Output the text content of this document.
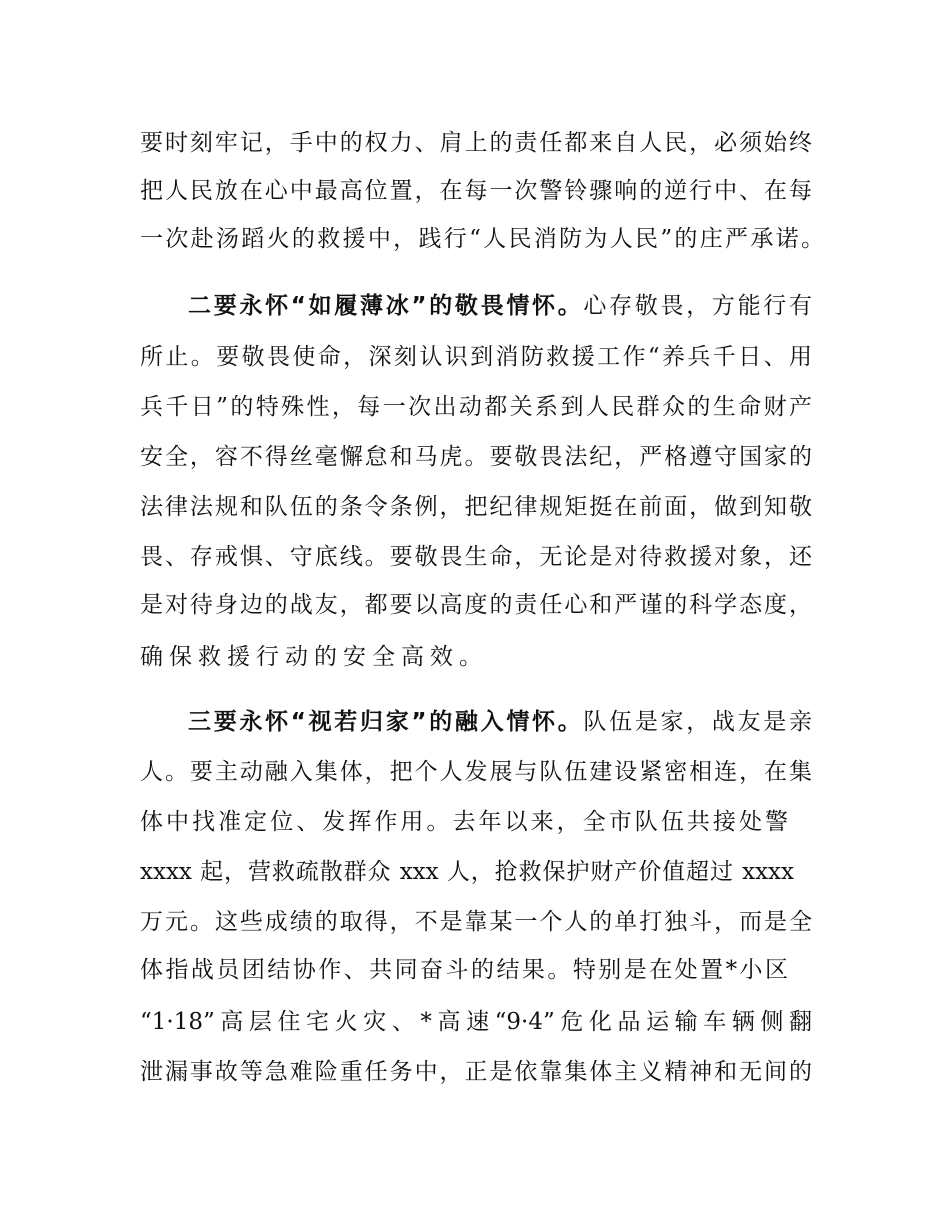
要时刻牢记，手中的权力、肩上的责任都来自人民，必须始终
把人民放在心中最高位置，在每一次警铃骤响的逆行中、在每
一次赴汤蹈火的救援中，践行“人民消防为人民”的庄严承诺。
二要永怀“如履薄冰”的敬畏情怀。心存敬畏，方能行有
所止。要敬畏使命，深刻认识到消防救援工作“养兵千日、用
兵千日”的特殊性，每一次出动都关系到人民群众的生命财产
安全，容不得丝毫懈怠和马虎。要敬畏法纪，严格遵守国家的
法律法规和队伍的条令条例，把纪律规矩挺在前面，做到知敬
畏、存戒惧、守底线。要敬畏生命，无论是对待救援对象，还
是对待身边的战友，都要以高度的责任心和严谨的科学态度，
确保救援行动的安全高效。
三要永怀“视若归家”的融入情怀。队伍是家，战友是亲
人。要主动融入集体，把个人发展与队伍建设紧密相连，在集
体中找准定位、发挥作用。去年以来，全市队伍共接处警
xxxx 起，营救疏散群众 xxx 人，抢救保护财产价值超过 xxxx
万元。这些成绩的取得，不是靠某一个人的单打独斗，而是全
体指战员团结协作、共同奋斗的结果。特别是在处置*小区
“1·18”高层住宅火灾、*高速“9·4”危化品运输车辆侧翻
泄漏事故等急难险重任务中，正是依靠集体主义精神和无间的
